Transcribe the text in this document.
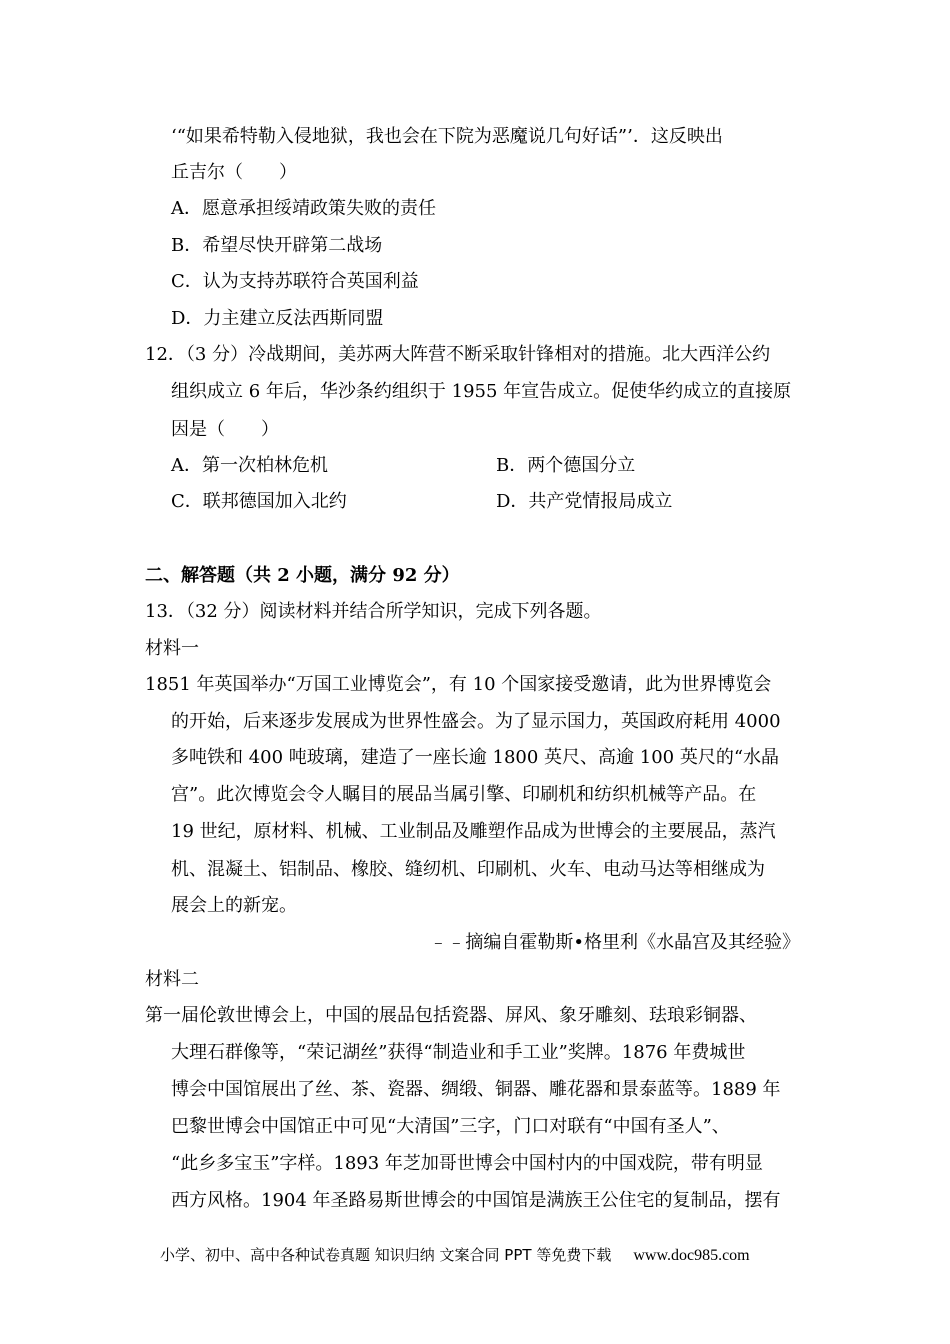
‘“如果希特勒入侵地狱，我也会在下院为恶魔说几句好话”’．这反映出
丘吉尔（　　）
A．愿意承担绥靖政策失败的责任
B．希望尽快开辟第二战场
C．认为支持苏联符合英国利益
D．力主建立反法西斯同盟
12．（3 分）冷战期间，美苏两大阵营不断采取针锋相对的措施。北大西洋公约
组织成立 6 年后，华沙条约组织于 1955 年宣告成立。促使华约成立的直接原
因是（　　）
A．第一次柏林危机	B．两个德国分立
C．联邦德国加入北约	D．共产党情报局成立
二、解答题（共 2 小题，满分 92 分）
13．（32 分）阅读材料并结合所学知识，完成下列各题。
材料一
1851 年英国举办“万国工业博览会”，有 10 个国家接受邀请，此为世界博览会
的开始，后来逐步发展成为世界性盛会。为了显示国力，英国政府耗用 4000
多吨铁和 400 吨玻璃，建造了一座长逾 1800 英尺、高逾 100 英尺的“水晶
宫”。此次博览会令人瞩目的展品当属引擎、印刷机和纺织机械等产品。在
19 世纪，原材料、机械、工业制品及雕塑作品成为世博会的主要展品，蒸汽
机、混凝土、铝制品、橡胶、缝纫机、印刷机、火车、电动马达等相继成为
展会上的新宠。
﹣﹣摘编自霍勒斯•格里利《水晶宫及其经验》
材料二
第一届伦敦世博会上，中国的展品包括瓷器、屏风、象牙雕刻、珐琅彩铜器、
大理石群像等，“荣记湖丝”获得“制造业和手工业”奖牌。1876 年费城世
博会中国馆展出了丝、茶、瓷器、绸缎、铜器、雕花器和景泰蓝等。1889 年
巴黎世博会中国馆正中可见“大清国”三字，门口对联有“中国有圣人”、
“此乡多宝玉”字样。1893 年芝加哥世博会中国村内的中国戏院，带有明显
西方风格。1904 年圣路易斯世博会的中国馆是满族王公住宅的复制品，摆有
小学、初中、高中各种试卷真题 知识归纳 文案合同 PPT 等免费下载 www.doc985.com
